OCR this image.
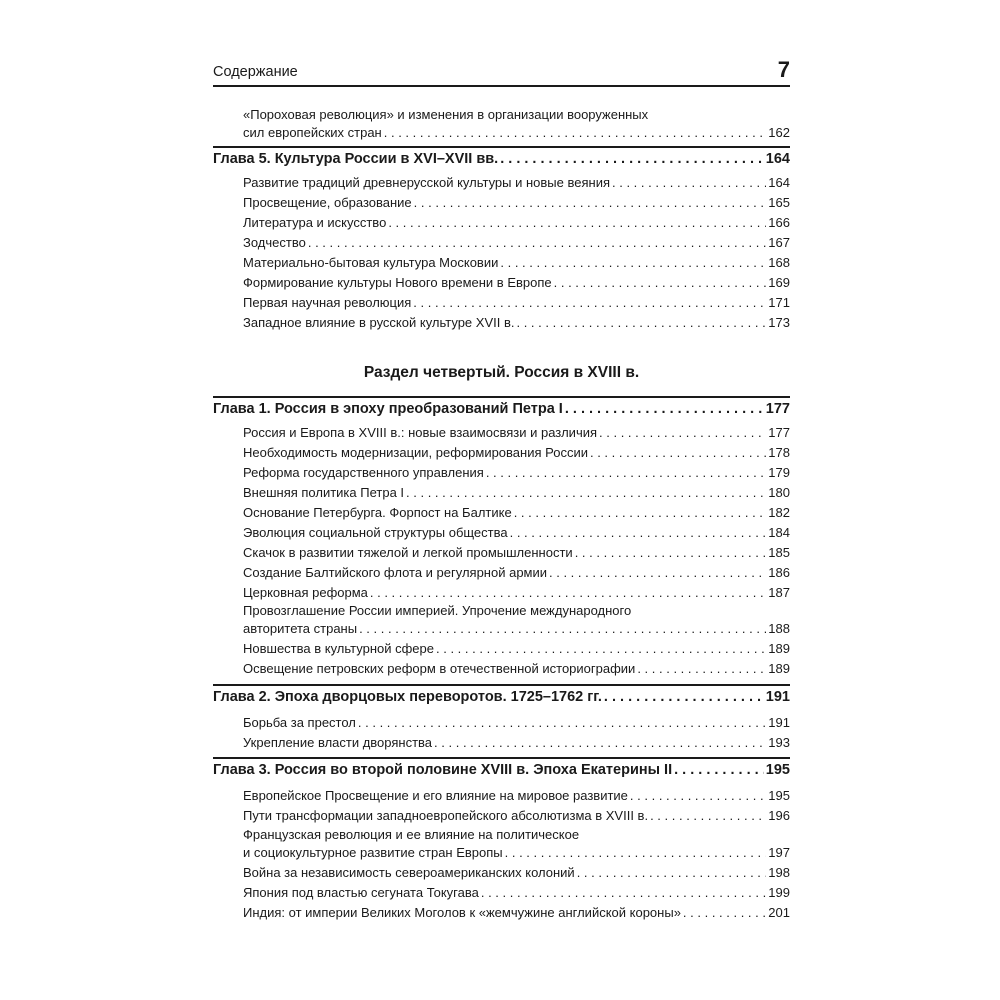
Содержание	7
«Пороховая революция» и изменения в организации вооруженных
сил европейских стран . . .	162
Глава 5. Культура России в XVI–XVII вв. . . .	164
Развитие традиций древнерусской культуры и новые веяния . . .	164
Просвещение, образование . . .	165
Литература и искусство . . .	166
Зодчество . . .	167
Материально-бытовая культура Московии . . .	168
Формирование культуры Нового времени в Европе . . .	169
Первая научная революция . . .	171
Западное влияние в русской культуре XVII в. . . .	173
Раздел четвертый. Россия в XVIII в.
Глава 1. Россия в эпоху преобразований Петра I . . .	177
Россия и Европа в XVIII в.: новые взаимосвязи и различия . . .	177
Необходимость модернизации, реформирования России . . .	178
Реформа государственного управления . . .	179
Внешняя политика Петра I . . .	180
Основание Петербурга. Форпост на Балтике . . .	182
Эволюция социальной структуры общества . . .	184
Скачок в развитии тяжелой и легкой промышленности . . .	185
Создание Балтийского флота и регулярной армии . . .	186
Церковная реформа . . .	187
Провозглашение России империей. Упрочение международного
авторитета страны . . .	188
Новшества в культурной сфере . . .	189
Освещение петровских реформ в отечественной историографии . . .	189
Глава 2. Эпоха дворцовых переворотов. 1725–1762 гг. . . .	191
Борьба за престол . . .	191
Укрепление власти дворянства . . .	193
Глава 3. Россия во второй половине XVIII в. Эпоха Екатерины II . . .	195
Европейское Просвещение и его влияние на мировое развитие . . .	195
Пути трансформации западноевропейского абсолютизма в XVIII в. . . .	196
Французская революция и ее влияние на политическое
и социокультурное развитие стран Европы . . .	197
Война за независимость североамериканских колоний . . .	198
Япония под властью сегуната Токугава . . .	199
Индия: от империи Великих Моголов к «жемчужине английской короны» . . .	201
